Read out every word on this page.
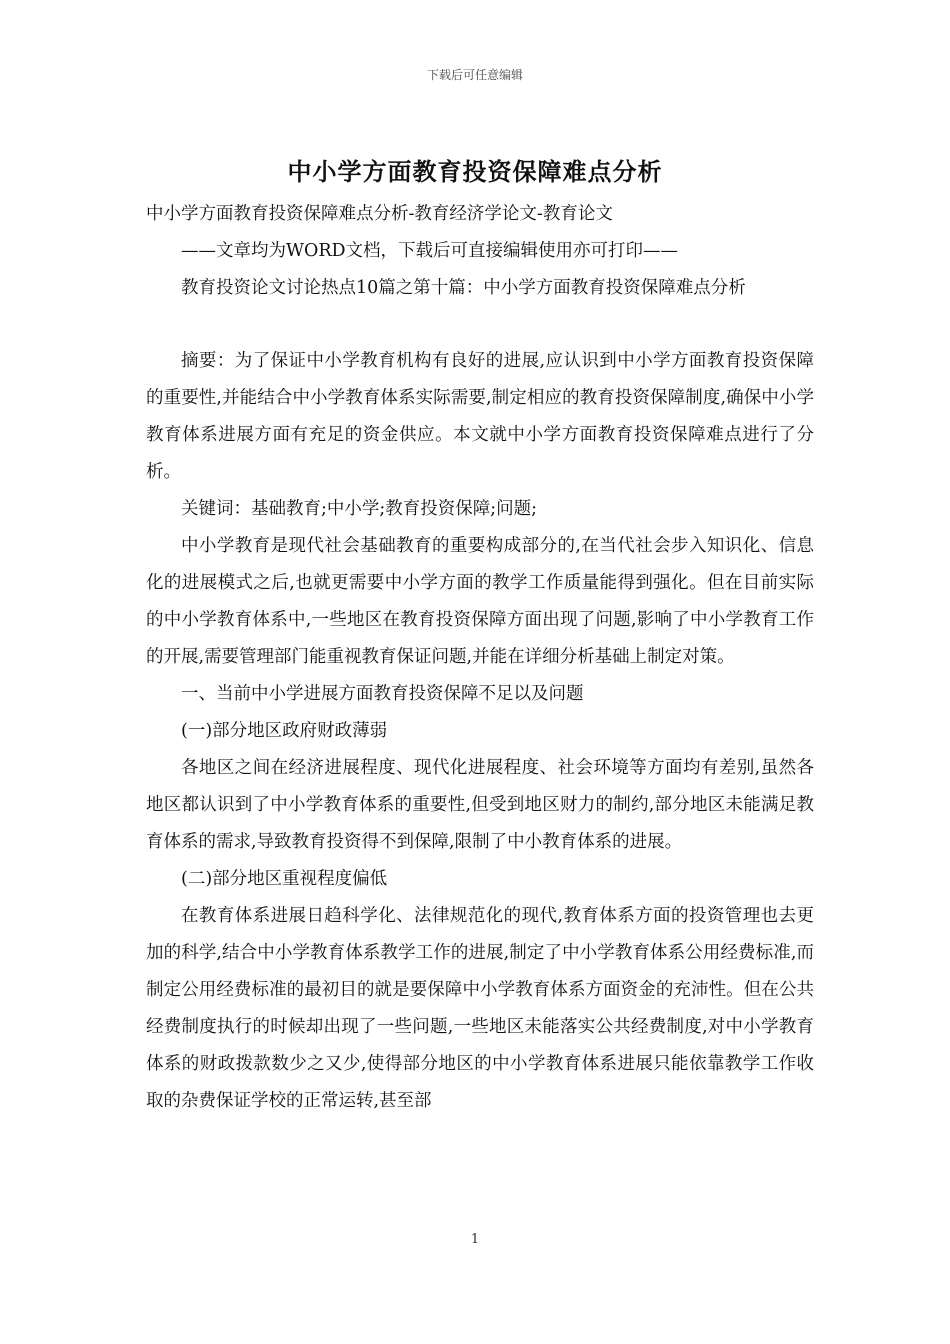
下载后可任意编辑
中小学方面教育投资保障难点分析

中小学方面教育投资保障难点分析-教育经济学论文-教育论文

——文章均为WORD文档，下载后可直接编辑使用亦可打印——

教育投资论文讨论热点10篇之第十篇：中小学方面教育投资保障难点分析

摘要：为了保证中小学教育机构有良好的进展,应认识到中小学方面教育投资保障的重要性,并能结合中小学教育体系实际需要,制定相应的教育投资保障制度,确保中小学教育体系进展方面有充足的资金供应。本文就中小学方面教育投资保障难点进行了分析。

关键词：基础教育;中小学;教育投资保障;问题;

中小学教育是现代社会基础教育的重要构成部分的,在当代社会步入知识化、信息化的进展模式之后,也就更需要中小学方面的教学工作质量能得到强化。但在目前实际的中小学教育体系中,一些地区在教育投资保障方面出现了问题,影响了中小学教育工作的开展,需要管理部门能重视教育保证问题,并能在详细分析基础上制定对策。

一、当前中小学进展方面教育投资保障不足以及问题

(一)部分地区政府财政薄弱

各地区之间在经济进展程度、现代化进展程度、社会环境等方面均有差别,虽然各地区都认识到了中小学教育体系的重要性,但受到地区财力的制约,部分地区未能满足教育体系的需求,导致教育投资得不到保障,限制了中小教育体系的进展。

(二)部分地区重视程度偏低

在教育体系进展日趋科学化、法律规范化的现代,教育体系方面的投资管理也去更加的科学,结合中小学教育体系教学工作的进展,制定了中小学教育体系公用经费标准,而制定公用经费标准的最初目的就是要保障中小学教育体系方面资金的充沛性。但在公共经费制度执行的时候却出现了一些问题,一些地区未能落实公共经费制度,对中小学教育体系的财政拨款数少之又少,使得部分地区的中小学教育体系进展只能依靠教学工作收取的杂费保证学校的正常运转,甚至部

1
